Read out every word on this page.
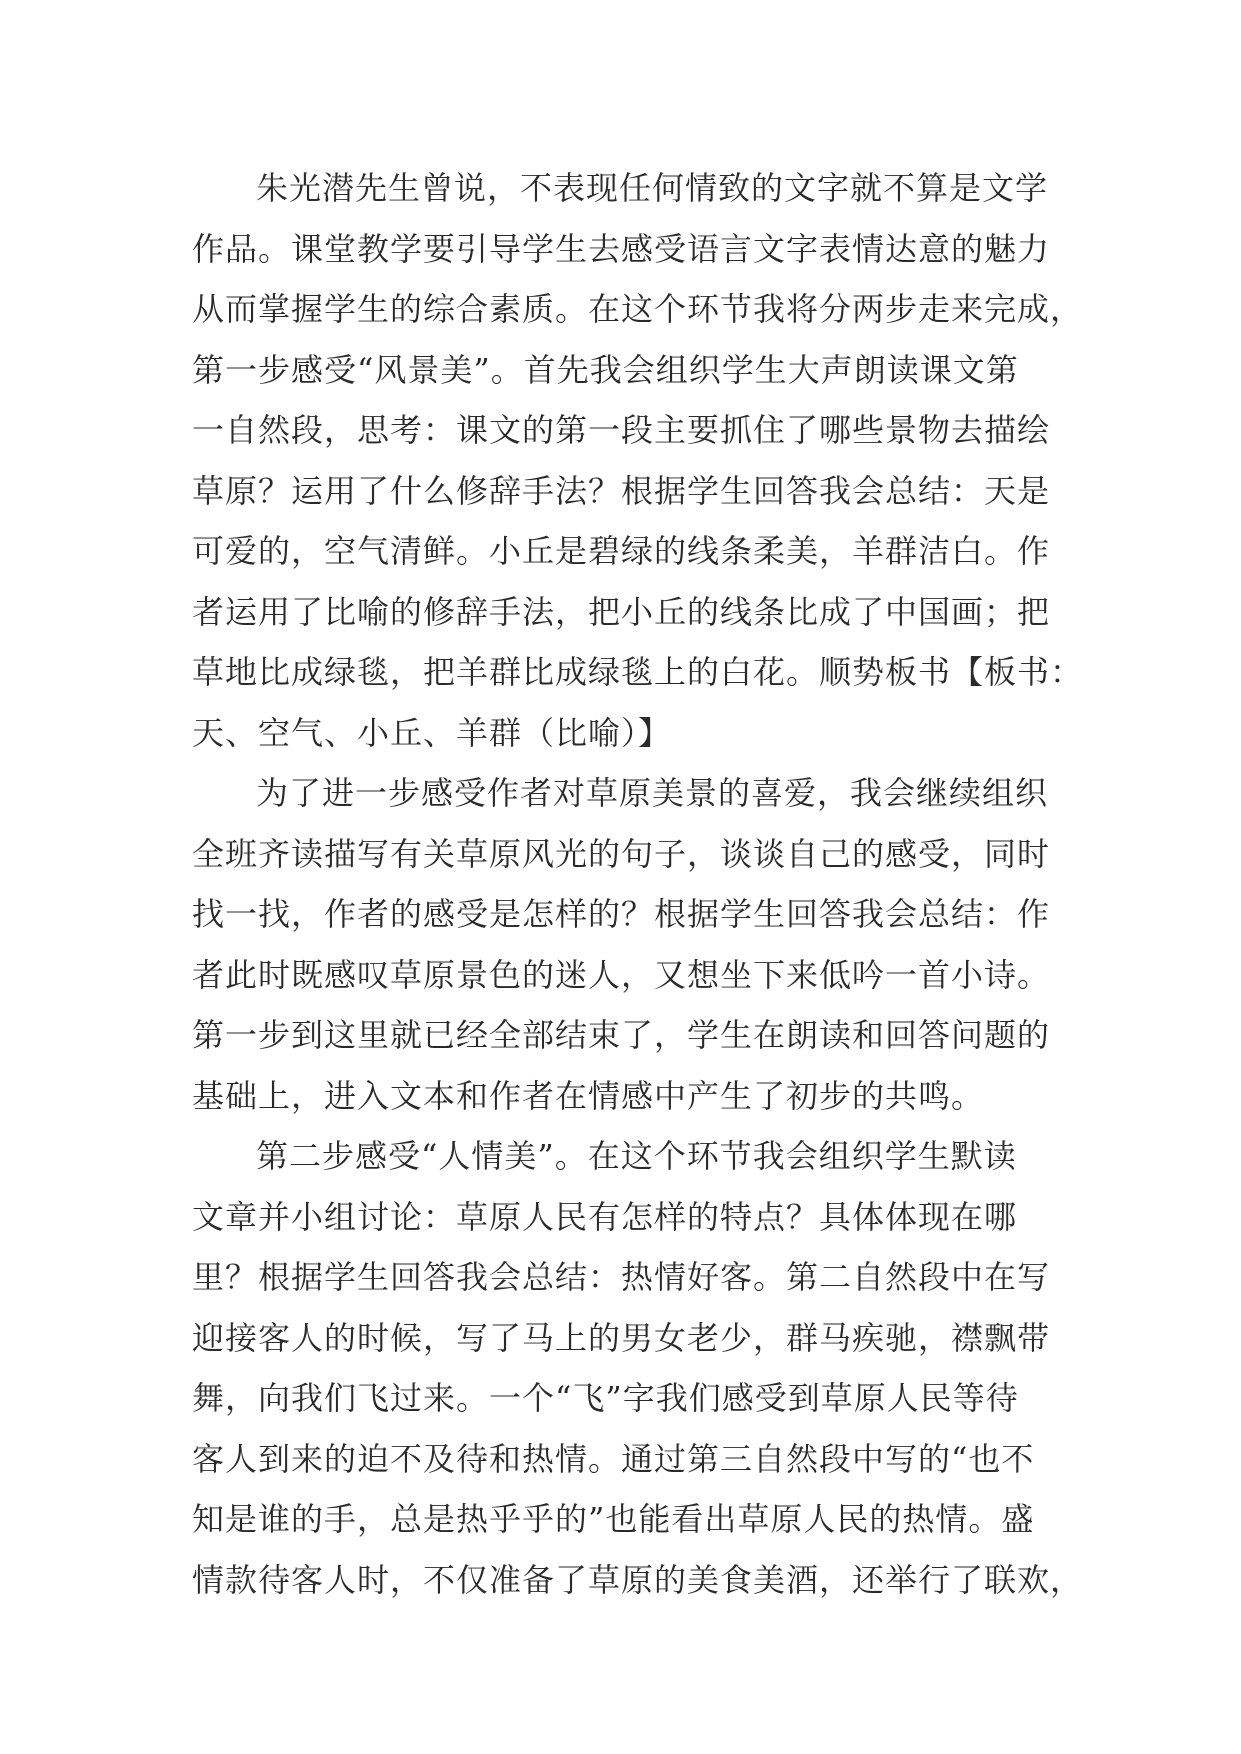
朱光潜先生曾说，不表现任何情致的文字就不算是文学
作品。课堂教学要引导学生去感受语言文字表情达意的魅力
从而掌握学生的综合素质。在这个环节我将分两步走来完成，
第一步感受“风景美”。首先我会组织学生大声朗读课文第
一自然段，思考：课文的第一段主要抓住了哪些景物去描绘
草原？运用了什么修辞手法？根据学生回答我会总结：天是
可爱的，空气清鲜。小丘是碧绿的线条柔美，羊群洁白。作
者运用了比喻的修辞手法，把小丘的线条比成了中国画；把
草地比成绿毯，把羊群比成绿毯上的白花。顺势板书【板书：
天、空气、小丘、羊群（比喻）】
为了进一步感受作者对草原美景的喜爱，我会继续组织
全班齐读描写有关草原风光的句子，谈谈自己的感受，同时
找一找，作者的感受是怎样的？根据学生回答我会总结：作
者此时既感叹草原景色的迷人，又想坐下来低吟一首小诗。
第一步到这里就已经全部结束了，学生在朗读和回答问题的
基础上，进入文本和作者在情感中产生了初步的共鸣。
第二步感受“人情美”。在这个环节我会组织学生默读
文章并小组讨论：草原人民有怎样的特点？具体体现在哪
里？根据学生回答我会总结：热情好客。第二自然段中在写
迎接客人的时候，写了马上的男女老少，群马疾驰，襟飘带
舞，向我们飞过来。一个“飞”字我们感受到草原人民等待
客人到来的迫不及待和热情。通过第三自然段中写的“也不
知是谁的手，总是热乎乎的”也能看出草原人民的热情。盛
情款待客人时，不仅准备了草原的美食美酒，还举行了联欢，
